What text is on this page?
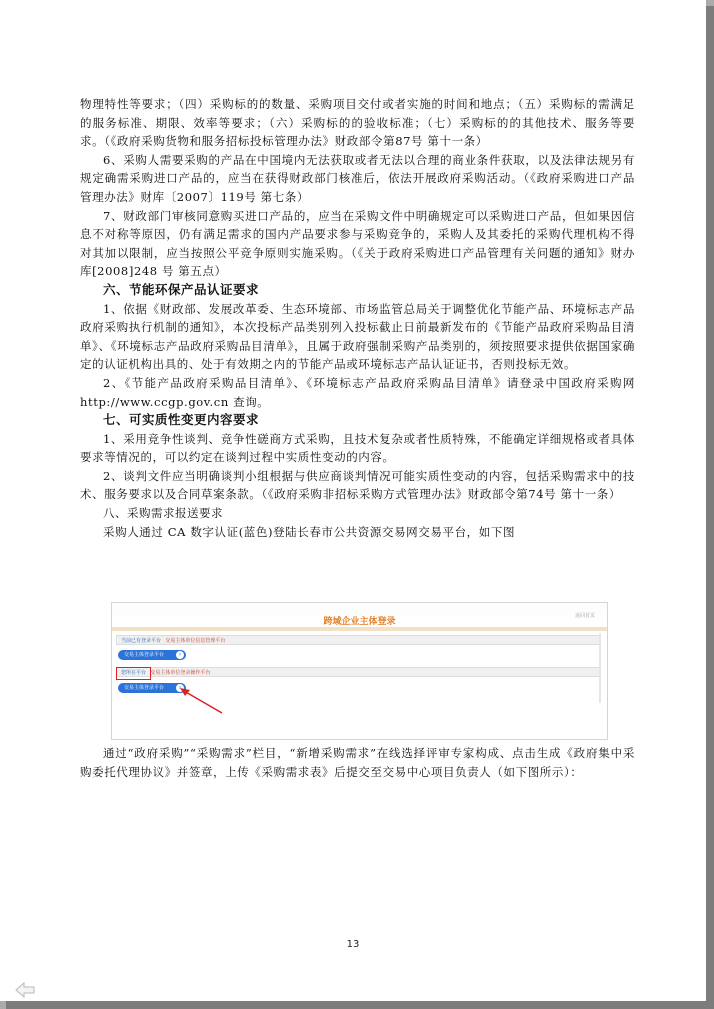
物理特性等要求；（四）采购标的的数量、采购项目交付或者实施的时间和地点；（五）采购标的需满足的服务标准、期限、效率等要求；（六）采购标的的验收标准；（七）采购标的的其他技术、服务等要求。（《政府采购货物和服务招标投标管理办法》财政部令第87号 第十一条）

6、采购人需要采购的产品在中国境内无法获取或者无法以合理的商业条件获取，以及法律法规另有规定确需采购进口产品的，应当在获得财政部门核准后，依法开展政府采购活动。（《政府采购进口产品管理办法》财库〔2007〕119号 第七条）

7、财政部门审核同意购买进口产品的，应当在采购文件中明确规定可以采购进口产品，但如果因信息不对称等原因，仍有满足需求的国内产品要求参与采购竞争的，采购人及其委托的采购代理机构不得对其加以限制，应当按照公平竞争原则实施采购。（《关于政府采购进口产品管理有关问题的通知》财办库[2008]248 号 第五点）

六、节能环保产品认证要求

1、依据《财政部、发展改革委、生态环境部、市场监管总局关于调整优化节能产品、环境标志产品政府采购执行机制的通知》，本次投标产品类别列入投标截止日前最新发布的《节能产品政府采购品目清单》、《环境标志产品政府采购品目清单》，且属于政府强制采购产品类别的，须按照要求提供依据国家确定的认证机构出具的、处于有效期之内的节能产品或环境标志产品认证证书，否则投标无效。

2、《节能产品政府采购品目清单》、《环境标志产品政府采购品目清单》请登录中国政府采购网 http://www.ccgp.gov.cn 查询。

七、可实质性变更内容要求

1、采用竞争性谈判、竞争性磋商方式采购，且技术复杂或者性质特殊，不能确定详细规格或者具体要求等情况的，可以约定在谈判过程中实质性变动的内容。

2、谈判文件应当明确谈判小组根据与供应商谈判情况可能实质性变动的内容，包括采购需求中的技术、服务要求以及合同草案条款。（《政府采购非招标采购方式管理办法》财政部令第74号 第十一条）

八、采购需求报送要求

采购人通过 CA 数字认证(蓝色)登陆长春市公共资源交易网交易平台，如下图

返回首页
跨域企业主体登录
当前已有登录平台 交易主体单位信息管理平台
交易主体登录平台	›
您所在平台 交易主体单位登录操作平台
交易主体登录平台	›

通过“政府采购”“采购需求”栏目，“新增采购需求”在线选择评审专家构成、点击生成《政府集中采购委托代理协议》并签章，上传《采购需求表》后提交至交易中心项目负责人（如下图所示）：

13
